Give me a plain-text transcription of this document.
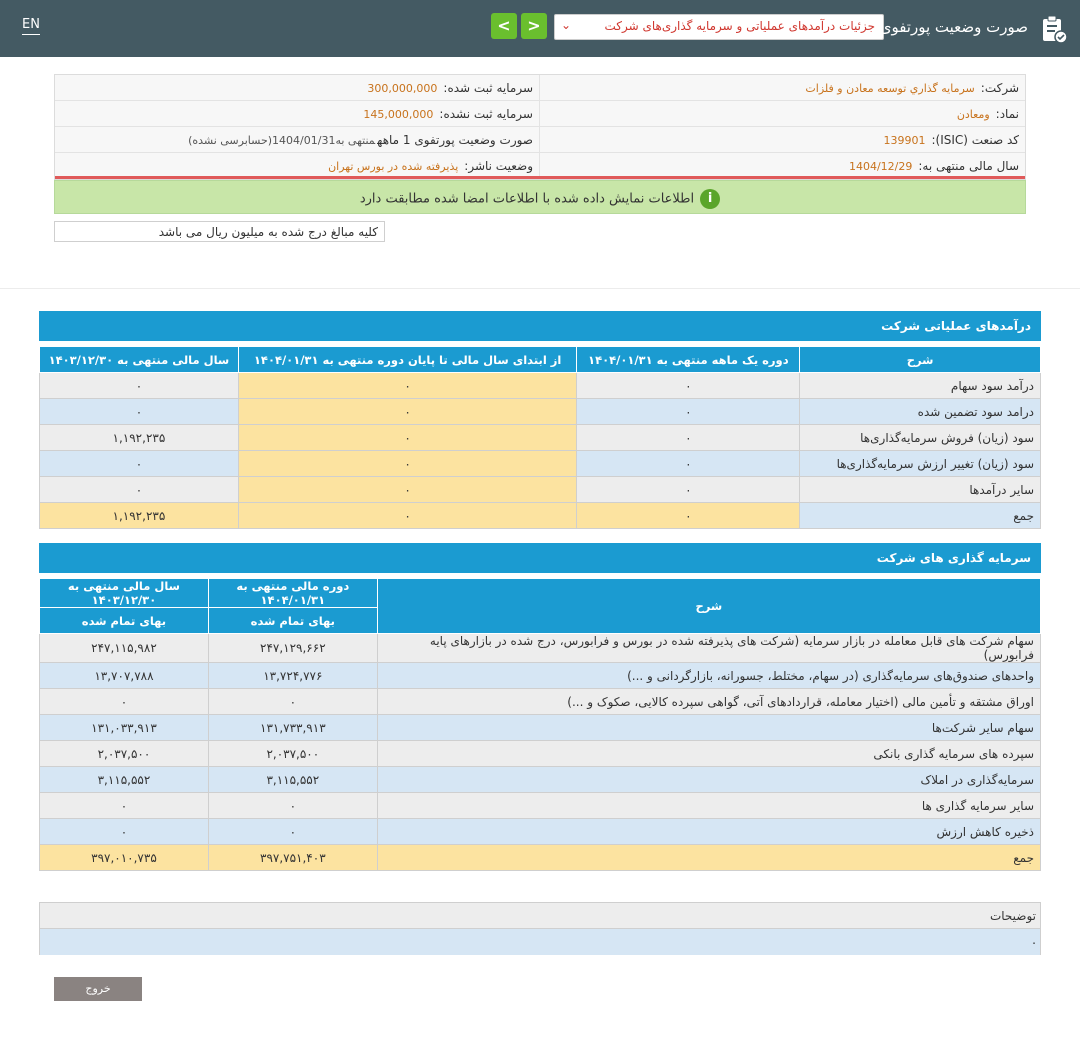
EN	<	>	جزئیات درآمدهای عملیاتی و سرمایه گذاری‌های شرکت
⌄	صورت وضعیت پورتفوی
شرکت:سرمایه گذاري توسعه معادن و فلزات
سرمایه ثبت شده:300,000,000
نماد:ومعادن
سرمایه ثبت نشده:145,000,000
کد صنعت (ISIC):139901
صورت وضعیت پورتفوی 1 ماههمنتهی به1404/01/31(حسابرسی نشده)
سال مالی منتهی به:1404/12/29
وضعیت ناشر:پذیرفته شده در بورس تهران
iاطلاعات نمایش داده شده با اطلاعات امضا شده مطابقت دارد
کلیه مبالغ درج شده به میلیون ریال می باشد
درآمدهای عملیاتی شرکت
شرح	دوره یک ماهه منتهی به ۱۴۰۴/۰۱/۳۱	از ابتدای سال مالی تا پایان دوره منتهی به ۱۴۰۴/۰۱/۳۱	سال مالی منتهی به ۱۴۰۳/۱۲/۳۰
درآمد سود سهام	۰	۰	۰
درامد سود تضمین شده	۰	۰	۰
سود (زیان) فروش سرمایه‌گذاری‌ها	۰	۰	۱,۱۹۲,۲۳۵
سود (زیان) تغییر ارزش سرمایه‌گذاری‌ها	۰	۰	۰
سایر درآمدها	۰	۰	۰
جمع	۰	۰	۱,۱۹۲,۲۳۵
سرمایه گذاری های شرکت
شرح	دوره مالی منتهی به ۱۴۰۴/۰۱/۳۱	سال مالی منتهی به ۱۴۰۳/۱۲/۳۰
	بهای تمام شده	بهای تمام شده
سهام شرکت های قابل معامله در بازار سرمایه (شرکت های پذیرفته شده در بورس و فرابورس، درج شده در بازارهای پایه فرابورس)	۲۴۷,۱۲۹,۶۶۲	۲۴۷,۱۱۵,۹۸۲
واحدهای صندوق‌های سرمایه‌گذاری (در سهام، مختلط، جسورانه، بازارگردانی و ...)	۱۳,۷۲۴,۷۷۶	۱۳,۷۰۷,۷۸۸
اوراق مشتقه و تأمین مالی (اختیار معامله، قراردادهای آتی، گواهی سپرده کالایی، صکوک و ...)	۰	۰
سهام سایر شرکت‌ها	۱۳۱,۷۳۳,۹۱۳	۱۳۱,۰۳۳,۹۱۳
سپرده های سرمایه گذاری بانکی	۲,۰۳۷,۵۰۰	۲,۰۳۷,۵۰۰
سرمایه‌گذاری در املاک	۳,۱۱۵,۵۵۲	۳,۱۱۵,۵۵۲
سایر سرمایه گذاری ها	۰	۰
ذخیره کاهش ارزش	۰	۰
جمع	۳۹۷,۷۵۱,۴۰۳	۳۹۷,۰۱۰,۷۳۵
توضیحات
.
خروج
